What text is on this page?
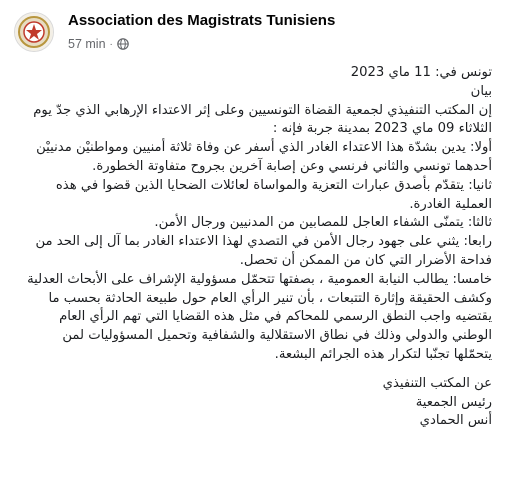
Association des Magistrats Tunisiens
57 min ·

تونس في: 11 ماي 2023

بيان

إن المكتب التنفيذي لجمعية القضاة التونسيين وعلى إثر الاعتداء الإرهابي الذي جدّ يوم الثلاثاء 09 ماي 2023 بمدينة جربة فإنه :

أولا: يدين بشدّة هذا الاعتداء الغادر الذي أسفر عن وفاة ثلاثة أمنيين ومواطنيْن مدنييْن أحدهما تونسي والثاني فرنسي وعن إصابة آخرين بجروح متفاوتة الخطورة.

ثانيا: يتقدّم بأصدق عبارات التعزية والمواساة لعائلات الضحايا الذين قضوا في هذه العملية الغادرة.

ثالثا: يتمنّى الشفاء العاجل للمصابين من المدنيين ورجال الأمن.

رابعا: يثني على جهود رجال الأمن في التصدي لهذا الاعتداء الغادر بما آل إلى الحد من فداحة الأضرار التي كان من الممكن أن تحصل.

خامسا: يطالب النيابة العمومية ، بصفتها تتحمّل مسؤولية الإشراف على الأبحاث العدلية وكشف الحقيقة وإثارة التتبعات ، بأن تنير الرأي العام حول طبيعة الحادثة بحسب ما يقتضيه واجب النطق الرسمي للمحاكم في مثل هذه القضايا التي تهم الرأي العام الوطني والدولي وذلك في نطاق الاستقلالية والشفافية وتحميل المسؤوليات لمن يتحمّلها تجنّبا لتكرار هذه الجرائم البشعة.

عن المكتب التنفيذي

رئيس الجمعية

أنس الحمادي
